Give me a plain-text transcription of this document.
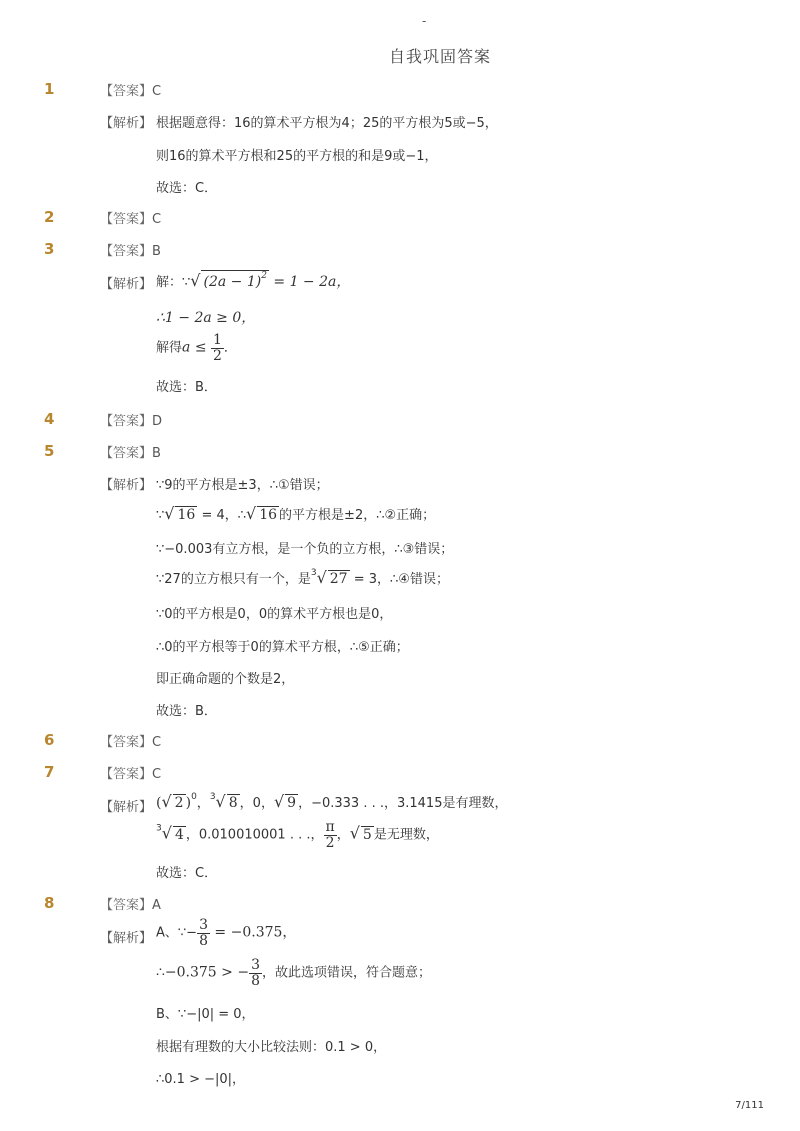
-
自我巩固答案
1	【答案】C
【解析】 根据题意得：16的算术平方根为4；25的平方根为5或−5，
则16的算术平方根和25的平方根的和是9或−1，
故选：C．
2	【答案】C
3	【答案】B
【解析】 解：∵√ $(2a - 1)^2 = 1 - 2a$，
∴1 − 2a ≥ 0，
解得$a \le \frac{1}{2}$ ．
故选：B．
4	【答案】D
5	【答案】B
【解析】 ∵9的平方根是±3，∴①错误；
∵√ 16 = 4，∴√ 16 的平方根是±2，∴②正确；
∵−0.003有立方根，是一个负的立方根，∴③错误；
∵27的立方根只有一个，是$^3$√ 27 = 3，∴④错误；
∵0的平方根是0，0的算术平方根也是0，
∴0的平方根等于0的算术平方根，∴⑤正确；
即正确命题的个数是2，
故选：B．
6	【答案】C
7	【答案】C
【解析】 (√ 2 )$^0$，$^3$√ 8 ，0，√ 9 ，−0.333 . . .，3.1415是有理数，
$^3$√ 4 ，0.010010001 . . .， $\frac{\pi}{2}$ ，√ 5 是无理数，
故选：C．
8	【答案】A
【解析】 A、∵− $\frac{3}{8} = -0.375$，
∴−0.375 > − $\frac{3}{8}$ ，故此选项错误，符合题意；
B、∵−|0| = 0，
根据有理数的大小比较法则：0.1 > 0，
∴0.1 > −|0|，
7/111
